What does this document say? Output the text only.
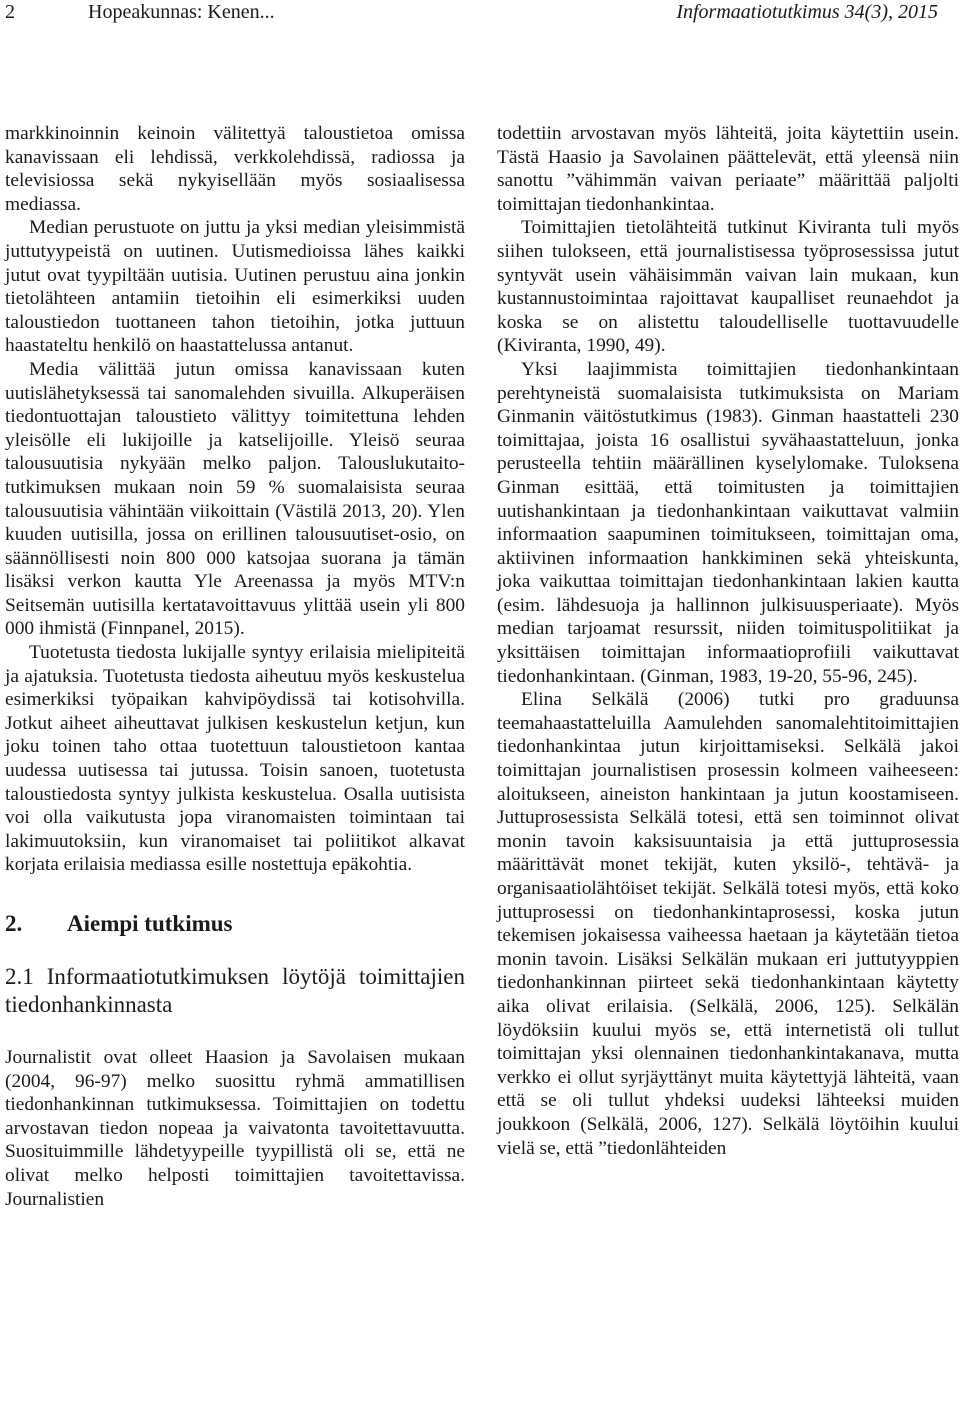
2	Hopeakunnas: Kenen...	Informaatiotutkimus 34(3), 2015

markkinoinnin keinoin välitettyä taloustietoa omissa kanavissaan eli lehdissä, verkkolehdissä, radiossa ja televisiossa sekä nykyisellään myös sosiaalisessa mediassa.

Median perustuote on juttu ja yksi median yleisimmistä juttutyypeistä on uutinen. Uutismedioissa lähes kaikki jutut ovat tyypiltään uutisia. Uutinen perustuu aina jonkin tietolähteen antamiin tietoihin eli esimerkiksi uuden taloustiedon tuottaneen tahon tietoihin, jotka juttuun haastateltu henkilö on haastattelussa antanut.

Media välittää jutun omissa kanavissaan kuten uutislähetyksessä tai sanomalehden sivuilla. Alkuperäisen tiedontuottajan taloustieto välittyy toimitettuna lehden yleisölle eli lukijoille ja katselijoille. Yleisö seuraa talousuutisia nykyään melko paljon. Talouslukutaito-tutkimuksen mukaan noin 59 % suomalaisista seuraa talousuutisia vähintään viikoittain (Västilä 2013, 20). Ylen kuuden uutisilla, jossa on erillinen talousuutiset-osio, on säännöllisesti noin 800 000 katsojaa suorana ja tämän lisäksi verkon kautta Yle Areenassa ja myös MTV:n Seitsemän uutisilla kertatavoittavuus ylittää usein yli 800 000 ihmistä (Finnpanel, 2015).

Tuotetusta tiedosta lukijalle syntyy erilaisia mielipiteitä ja ajatuksia. Tuotetusta tiedosta aiheutuu myös keskustelua esimerkiksi työpaikan kahvipöydissä tai kotisohvilla. Jotkut aiheet aiheuttavat julkisen keskustelun ketjun, kun joku toinen taho ottaa tuotettuun taloustietoon kantaa uudessa uutisessa tai jutussa. Toisin sanoen, tuotetusta taloustiedosta syntyy julkista keskustelua. Osalla uutisista voi olla vaikutusta jopa viranomaisten toimintaan tai lakimuutoksiin, kun viranomaiset tai poliitikot alkavat korjata erilaisia mediassa esille nostettuja epäkohtia.

2. Aiempi tutkimus
2.1 Informaatiotutkimuksen löytöjä toimittajien tiedonhankinnasta

Journalistit ovat olleet Haasion ja Savolaisen mukaan (2004, 96-97) melko suosittu ryhmä ammatillisen tiedonhankinnan tutkimuksessa. Toimittajien on todettu arvostavan tiedon nopeaa ja vaivatonta tavoitettavuutta. Suosituimmille lähdetyypeille tyypillistä oli se, että ne olivat melko helposti toimittajien tavoitettavissa. Journalistien

todettiin arvostavan myös lähteitä, joita käytettiin usein. Tästä Haasio ja Savolainen päättelevät, että yleensä niin sanottu ”vähimmän vaivan periaate” määrittää paljolti toimittajan tiedonhankintaa.

Toimittajien tietolähteitä tutkinut Kiviranta tuli myös siihen tulokseen, että journalistisessa työprosessissa jutut syntyvät usein vähäisimmän vaivan lain mukaan, kun kustannustoimintaa rajoittavat kaupalliset reunaehdot ja koska se on alistettu taloudelliselle tuottavuudelle (Kiviranta, 1990, 49).

Yksi laajimmista toimittajien tiedonhankintaan perehtyneistä suomalaisista tutkimuksista on Mariam Ginmanin väitöstutkimus (1983). Ginman haastatteli 230 toimittajaa, joista 16 osallistui syvähaastatteluun, jonka perusteella tehtiin määrällinen kyselylomake. Tuloksena Ginman esittää, että toimitusten ja toimittajien uutishankintaan ja tiedonhankintaan vaikuttavat valmiin informaation saapuminen toimitukseen, toimittajan oma, aktiivinen informaation hankkiminen sekä yhteiskunta, joka vaikuttaa toimittajan tiedonhankintaan lakien kautta (esim. lähdesuoja ja hallinnon julkisuusperiaate). Myös median tarjoamat resurssit, niiden toimituspolitiikat ja yksittäisen toimittajan informaatioprofiili vaikuttavat tiedonhankintaan. (Ginman, 1983, 19-20, 55-96, 245).

Elina Selkälä (2006) tutki pro graduunsa teemahaastatteluilla Aamulehden sanomalehtitoimittajien tiedonhankintaa jutun kirjoittamiseksi. Selkälä jakoi toimittajan journalistisen prosessin kolmeen vaiheeseen: aloitukseen, aineiston hankintaan ja jutun koostamiseen. Juttuprosessista Selkälä totesi, että sen toiminnot olivat monin tavoin kaksisuuntaisia ja että juttuprosessia määrittävät monet tekijät, kuten yksilö-, tehtävä- ja organisaatiolähtöiset tekijät. Selkälä totesi myös, että koko juttuprosessi on tiedonhankintaprosessi, koska jutun tekemisen jokaisessa vaiheessa haetaan ja käytetään tietoa monin tavoin. Lisäksi Selkälän mukaan eri juttutyyppien tiedonhankinnan piirteet sekä tiedonhankintaan käytetty aika olivat erilaisia. (Selkälä, 2006, 125). Selkälän löydöksiin kuului myös se, että internetistä oli tullut toimittajan yksi olennainen tiedonhankintakanava, mutta verkko ei ollut syrjäyttänyt muita käytettyjä lähteitä, vaan että se oli tullut yhdeksi uudeksi lähteeksi muiden joukkoon (Selkälä, 2006, 127). Selkälä löytöihin kuului vielä se, että ”tiedonlähteiden
